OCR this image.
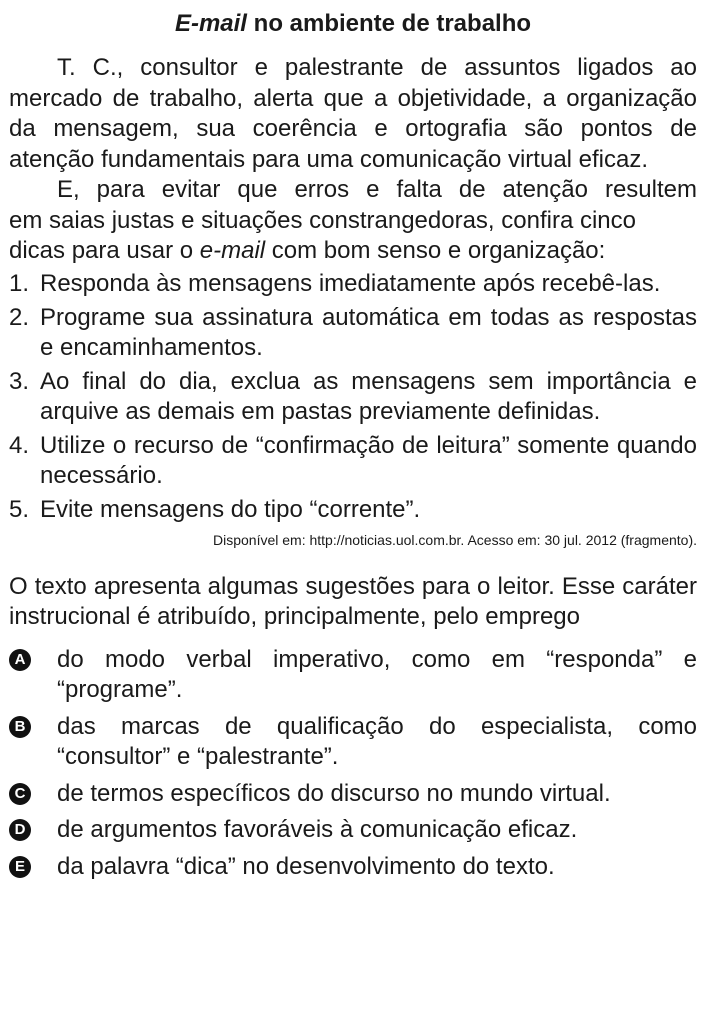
E-mail no ambiente de trabalho

T. C., consultor e palestrante de assuntos ligados ao mercado de trabalho, alerta que a objetividade, a organização da mensagem, sua coerência e ortografia são pontos de atenção fundamentais para uma comunicação virtual eficaz.

E, para evitar que erros e falta de atenção resultem

em saias justas e situações constrangedoras, confira cinco

dicas para usar o e-mail com bom senso e organização:

1. Responda às mensagens imediatamente após recebê-las.
2. Programe sua assinatura automática em todas as respostas e encaminhamentos.
3. Ao final do dia, exclua as mensagens sem importância e arquive as demais em pastas previamente definidas.
4. Utilize o recurso de “confirmação de leitura” somente quando necessário.
5. Evite mensagens do tipo “corrente”.

Disponível em: http://noticias.uol.com.br. Acesso em: 30 jul. 2012 (fragmento).

O texto apresenta algumas sugestões para o leitor. Esse caráter instrucional é atribuído, principalmente, pelo emprego

A do modo verbal imperativo, como em “responda” e “programe”.
B das marcas de qualificação do especialista, como “consultor” e “palestrante”.
C de termos específicos do discurso no mundo virtual.
D de argumentos favoráveis à comunicação eficaz.
E da palavra “dica” no desenvolvimento do texto.
